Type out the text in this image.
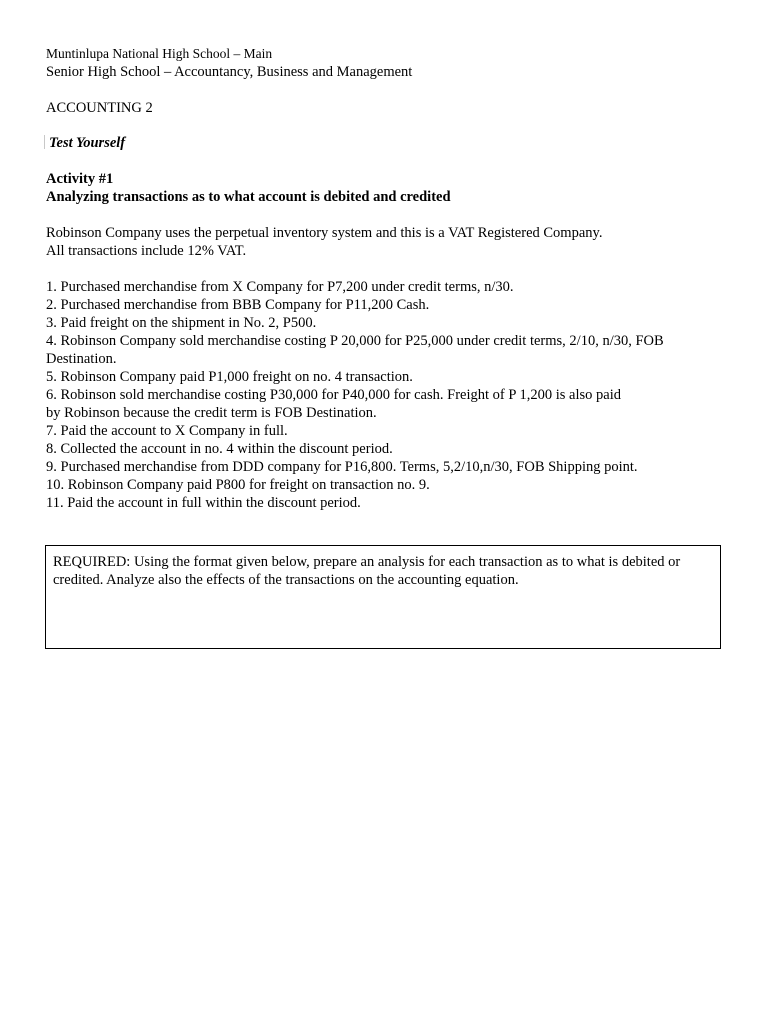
Muntinlupa National High School – Main
Senior High School – Accountancy, Business and Management
ACCOUNTING 2
Test Yourself
Activity #1
Analyzing transactions as to what account is debited and credited
Robinson Company uses the perpetual inventory system and this is a VAT Registered Company.
All transactions include 12% VAT.
1. Purchased merchandise from X Company for P7,200 under credit terms, n/30.
2. Purchased merchandise from BBB Company for P11,200 Cash.
3. Paid freight on the shipment in No. 2, P500.
4. Robinson Company sold merchandise costing P 20,000 for P25,000 under credit terms, 2/10, n/30, FOB
Destination.
5. Robinson Company paid P1,000 freight on no. 4 transaction.
6. Robinson sold merchandise costing P30,000 for P40,000 for cash. Freight of P 1,200 is also paid
by Robinson because the credit term is FOB Destination.
7. Paid the account to X Company in full.
8. Collected the account in no. 4 within the discount period.
9. Purchased merchandise from DDD company for P16,800. Terms, 5,2/10,n/30, FOB Shipping point.
10. Robinson Company paid P800 for freight on transaction no. 9.
11. Paid the account in full within the discount period.
REQUIRED: Using the format given below, prepare an analysis for each transaction as to what is debited or
credited. Analyze also the effects of the transactions on the accounting equation.
